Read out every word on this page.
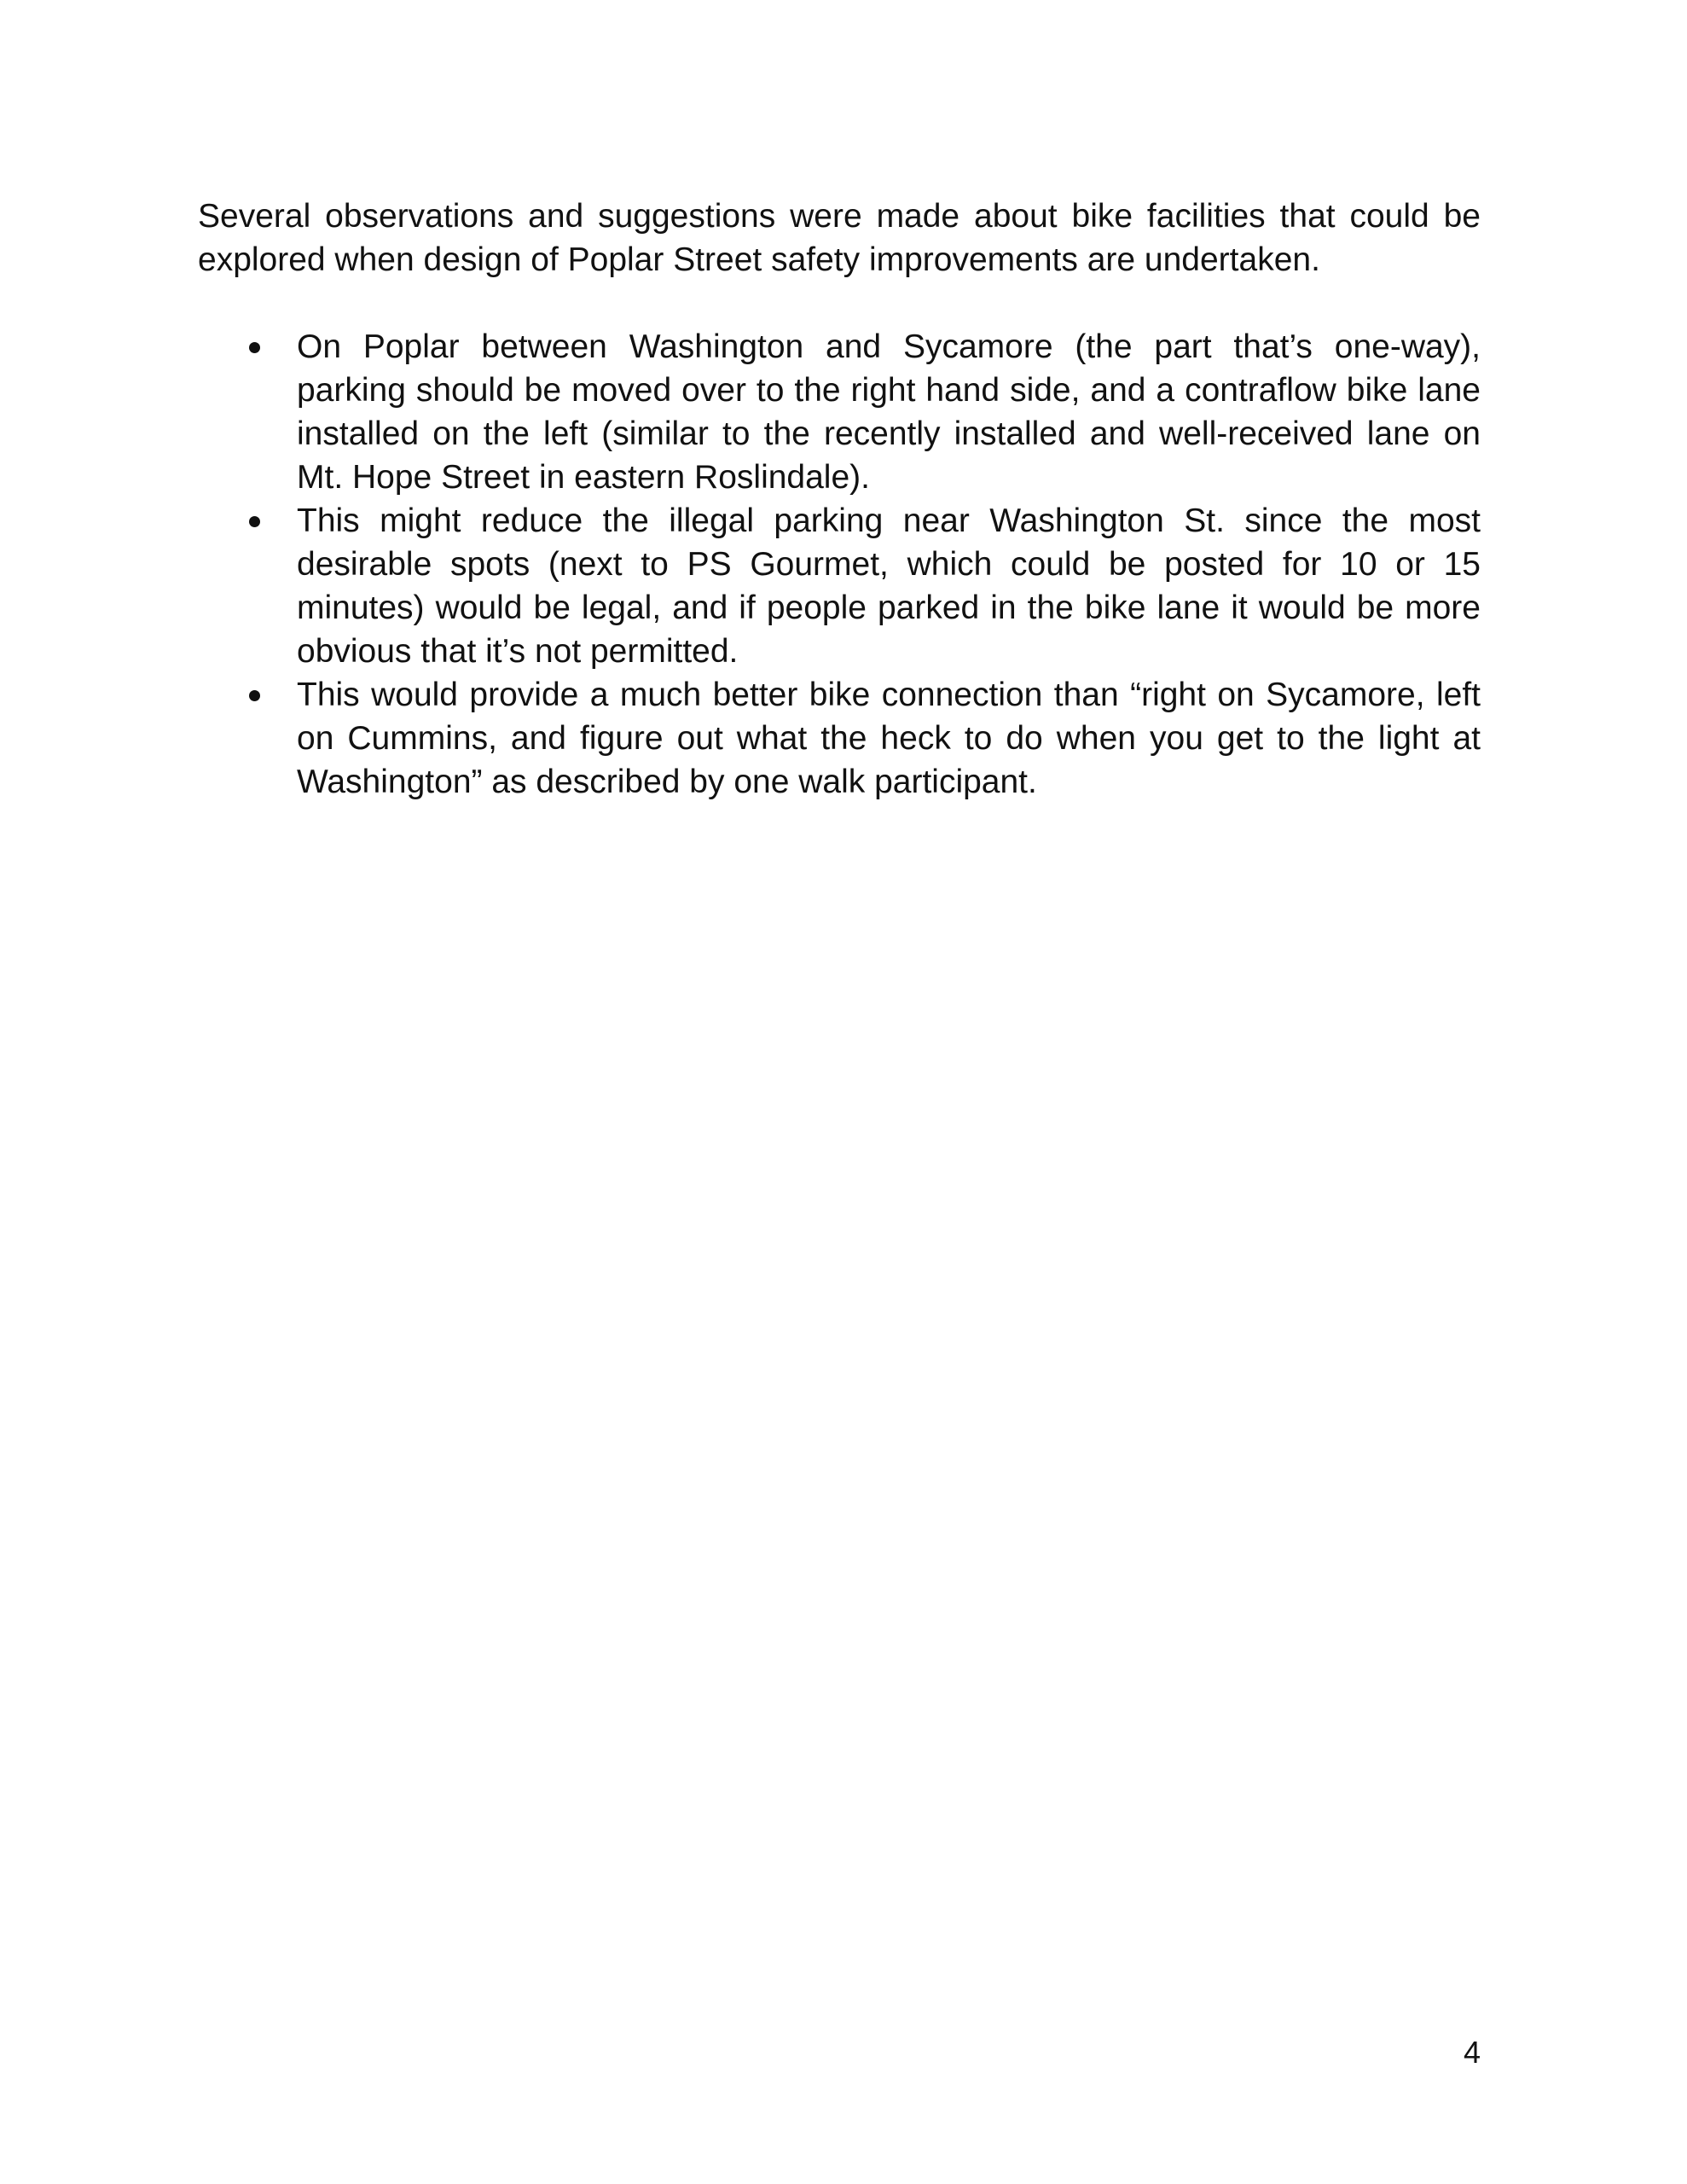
Several observations and suggestions were made about bike facilities that could be explored when design of Poplar Street safety improvements are undertaken.

On Poplar between Washington and Sycamore (the part that’s one-way), parking should be moved over to the right hand side, and a contraflow bike lane installed on the left (similar to the recently installed and well-received lane on Mt. Hope Street in eastern Roslindale).
This might reduce the illegal parking near Washington St. since the most desirable spots (next to PS Gourmet, which could be posted for 10 or 15 minutes) would be legal, and if people parked in the bike lane it would be more obvious that it’s not permitted.
This would provide a much better bike connection than “right on Sycamore, left on Cummins, and figure out what the heck to do when you get to the light at Washington” as described by one walk participant.
4
